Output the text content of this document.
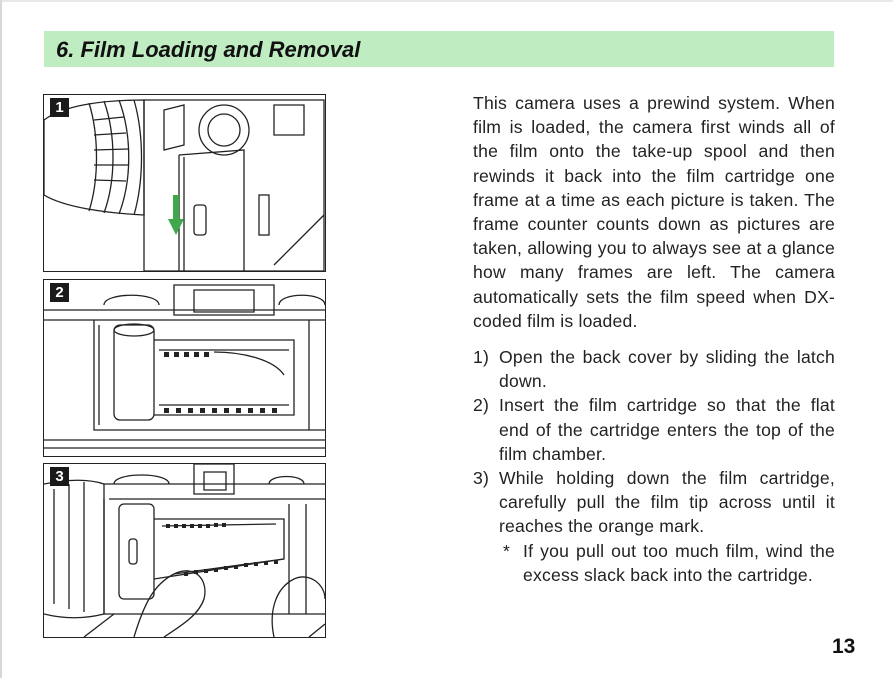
6. Film Loading and Removal
1
2
3

This camera uses a prewind system. When film is loaded, the camera first winds all of the film onto the take-up spool and then rewinds it back into the film cartridge one frame at a time as each picture is taken. The frame counter counts down as pictures are taken, allowing you to always see at a glance how many frames are left. The camera automatically sets the film speed when DX-coded film is loaded.

1) Open the back cover by sliding the latch down.

2) Insert the film cartridge so that the flat end of the cartridge enters the top of the film chamber.

3) While holding down the film cartridge, carefully pull the film tip across until it reaches the orange mark.

* If you pull out too much film, wind the excess slack back into the cartridge.

13
